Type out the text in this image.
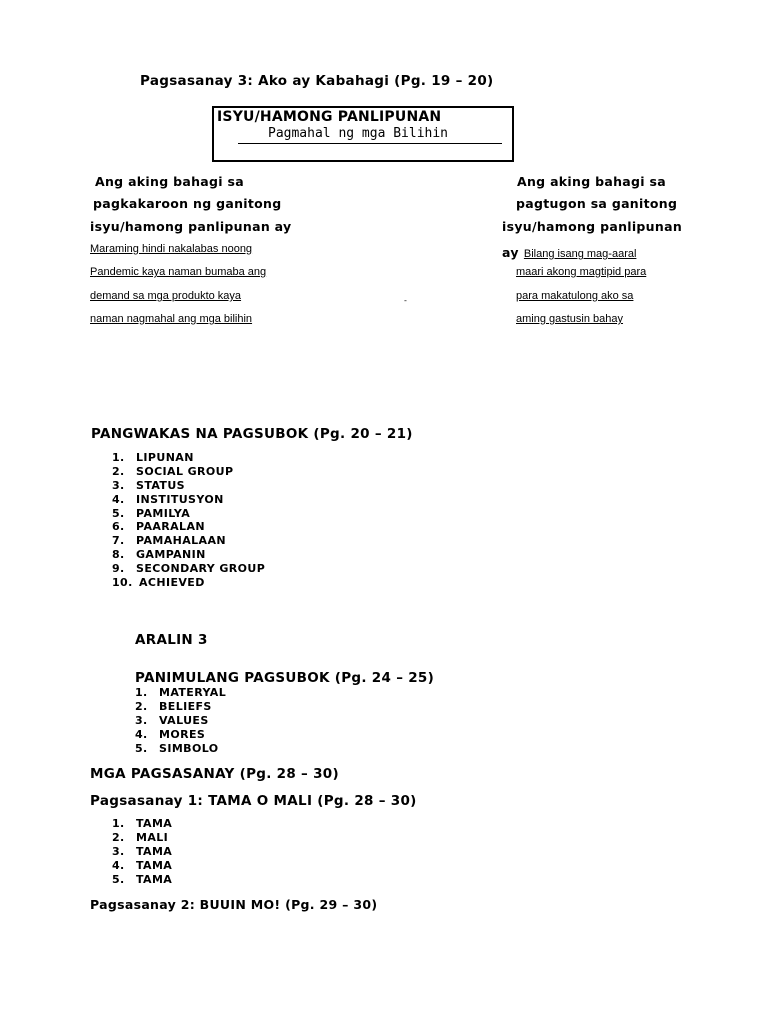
Pagsasanay 3: Ako ay Kabahagi (Pg. 19 – 20)
ISYU/HAMONG PANLIPUNAN
Pagmahal ng mga Bilihin
Ang aking bahagi sa
pagkakaroon ng ganitong
isyu/hamong panlipunan ay
Maraming hindi nakalabas noong
Pandemic kaya naman bumaba ang
demand sa mga produkto kaya
naman nagmahal ang mga bilihin
-
Ang aking bahagi sa
pagtugon sa ganitong
isyu/hamong panlipunan
ay Bilang isang mag-aaral
maari akong magtipid para
para makatulong ako sa
aming gastusin bahay
PANGWAKAS NA PAGSUBOK (Pg. 20 – 21)
1. LIPUNAN
2. SOCIAL GROUP
3. STATUS
4. INSTITUSYON
5. PAMILYA
6. PAARALAN
7. PAMAHALAAN
8. GAMPANIN
9. SECONDARY GROUP
10. ACHIEVED
ARALIN 3
PANIMULANG PAGSUBOK (Pg. 24 – 25)
1. MATERYAL
2. BELIEFS
3. VALUES
4. MORES
5. SIMBOLO
MGA PAGSASANAY (Pg. 28 – 30)
Pagsasanay 1: TAMA O MALI (Pg. 28 – 30)
1. TAMA
2. MALI
3. TAMA
4. TAMA
5. TAMA
Pagsasanay 2: BUUIN MO! (Pg. 29 – 30)
